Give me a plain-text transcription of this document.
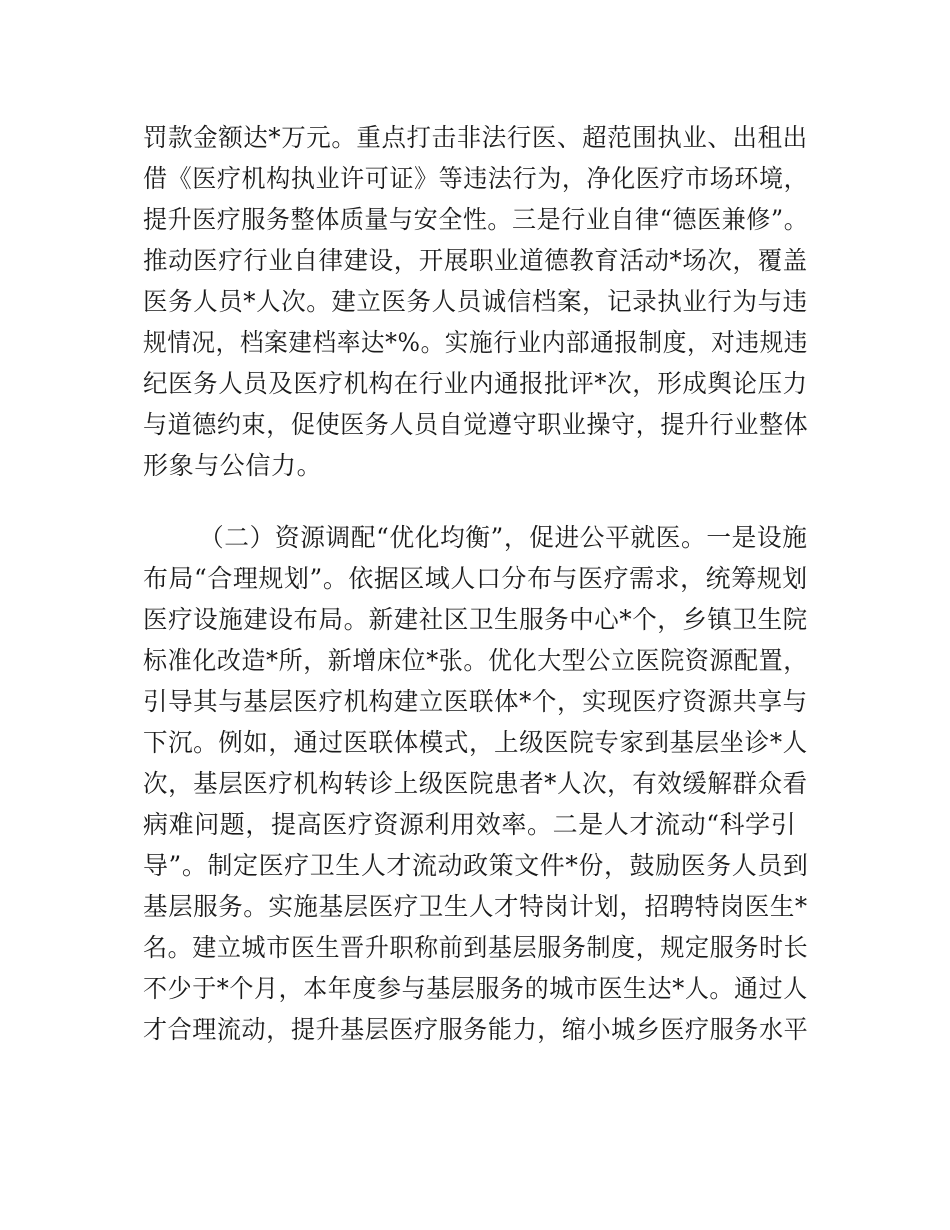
罚款金额达*万元。重点打击非法行医、超范围执业、出租出
借《医疗机构执业许可证》等违法行为，净化医疗市场环境，
提升医疗服务整体质量与安全性。三是行业自律“德医兼修”。
推动医疗行业自律建设，开展职业道德教育活动*场次，覆盖
医务人员*人次。建立医务人员诚信档案，记录执业行为与违
规情况，档案建档率达*%。实施行业内部通报制度，对违规违
纪医务人员及医疗机构在行业内通报批评*次，形成舆论压力
与道德约束，促使医务人员自觉遵守职业操守，提升行业整体
形象与公信力。
（二）资源调配“优化均衡”，促进公平就医。一是设施
布局“合理规划”。依据区域人口分布与医疗需求，统筹规划
医疗设施建设布局。新建社区卫生服务中心*个，乡镇卫生院
标准化改造*所，新增床位*张。优化大型公立医院资源配置，
引导其与基层医疗机构建立医联体*个，实现医疗资源共享与
下沉。例如，通过医联体模式，上级医院专家到基层坐诊*人
次，基层医疗机构转诊上级医院患者*人次，有效缓解群众看
病难问题，提高医疗资源利用效率。二是人才流动“科学引
导”。制定医疗卫生人才流动政策文件*份，鼓励医务人员到
基层服务。实施基层医疗卫生人才特岗计划，招聘特岗医生*
名。建立城市医生晋升职称前到基层服务制度，规定服务时长
不少于*个月，本年度参与基层服务的城市医生达*人。通过人
才合理流动，提升基层医疗服务能力，缩小城乡医疗服务水平
